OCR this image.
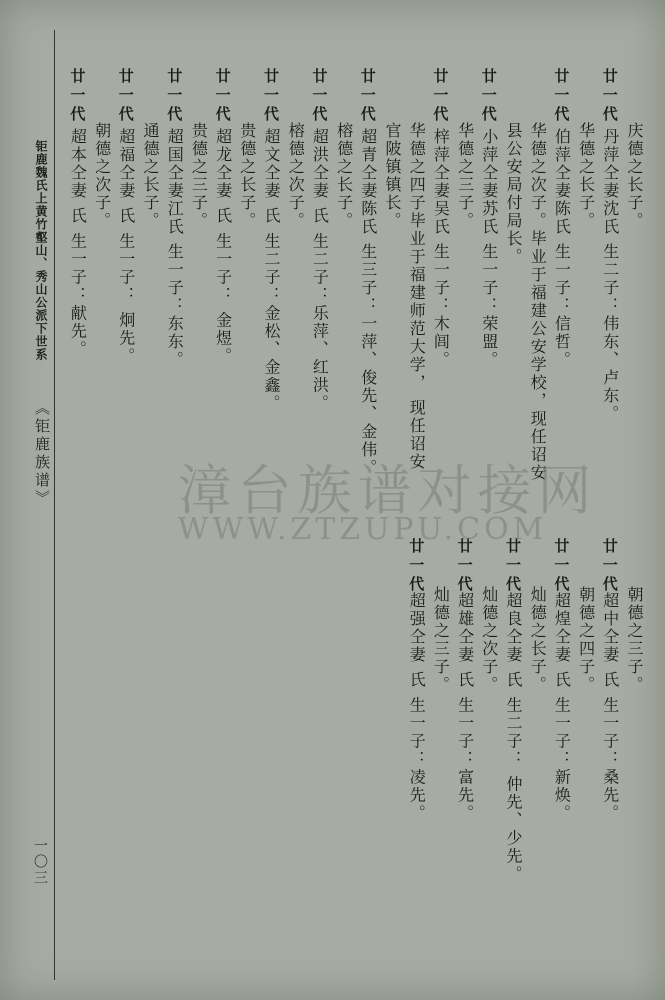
钜鹿魏氏上黄竹壑山、秀山公派下世系
《钜鹿族谱》
一〇三
庆德之长子。
廿一代
丹萍仝妻沈氏 生二子：伟东、卢东。
华德之长子。
廿一代
伯萍仝妻陈氏 生一子：信哲。
华德之次子。毕业于福建公安学校，现任诏安
县公安局付局长。
廿一代
小萍仝妻苏氏 生一子：荣盟。
华德之三子。
廿一代
梓萍仝妻吴氏 生一子：木闾。
华德之四子毕业于福建师范大学， 现任诏安
官陂镇镇长。
廿一代
超青仝妻陈氏 生三子：一萍、俊先、金伟。
榕德之长子。
廿一代
超洪仝妻 氏 生二子：乐萍、红洪。
榕德之次子。
廿一代
超文仝妻 氏 生二子：金松、金鑫。
贵德之长子。
廿一代
超龙仝妻 氏 生一子： 金煜。
贵德之三子。
廿一代
超国仝妻江氏 生一子：东东。
通德之长子。
廿一代
超福仝妻 氏 生一子： 炯先。
朝德之次子。
廿一代
超本仝妻 氏 生一子：献先。
朝德之三子。
廿一代
超中仝妻 氏 生一子：桑先。
朝德之四子。
廿一代
超煌仝妻 氏 生一子：新焕。
灿德之长子。
廿一代
超良仝妻 氏 生二子： 仲先、少先。
灿德之次子。
廿一代
超雄仝妻 氏 生一子：富先。
灿德之三子。
廿一代
超强仝妻 氏 生一子：凌先。
漳台族谱对接网
WWW.ZTZUPU.COM
